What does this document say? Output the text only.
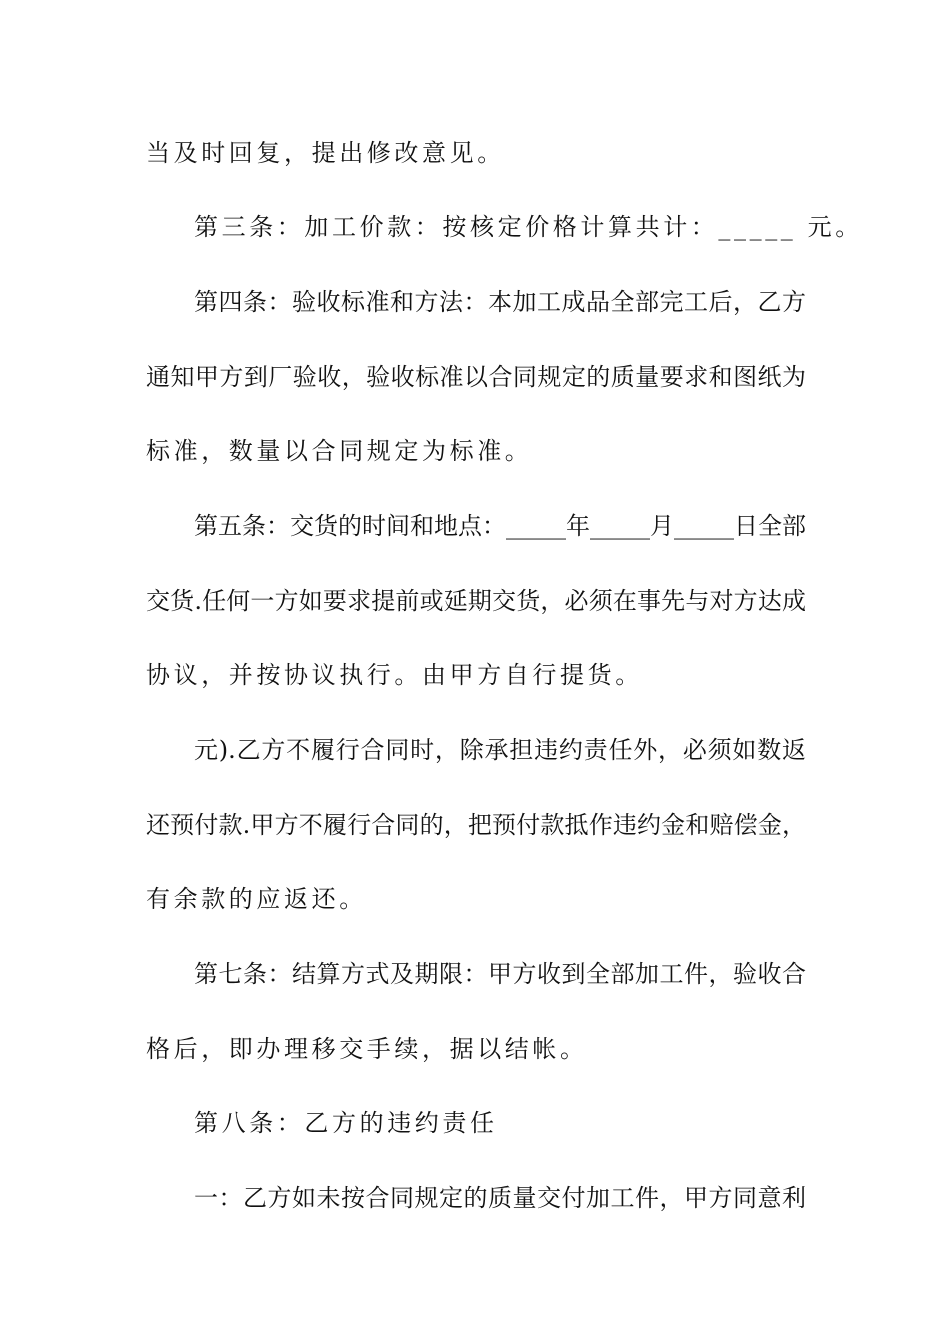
当及时回复，提出修改意见。
第三条：加工价款：按核定价格计算共计：_____ 元。
第四条：验收标准和方法：本加工成品全部完工后，乙方
通知甲方到厂验收，验收标准以合同规定的质量要求和图纸为
标准，数量以合同规定为标准。
第五条：交货的时间和地点：_____年_____月_____日全部
交货.任何一方如要求提前或延期交货，必须在事先与对方达成
协议，并按协议执行。由甲方自行提货。
元).乙方不履行合同时，除承担违约责任外，必须如数返
还预付款.甲方不履行合同的，把预付款抵作违约金和赔偿金，
有余款的应返还。
第七条：结算方式及期限：甲方收到全部加工件，验收合
格后，即办理移交手续，据以结帐。
第八条：乙方的违约责任
一：乙方如未按合同规定的质量交付加工件，甲方同意利
